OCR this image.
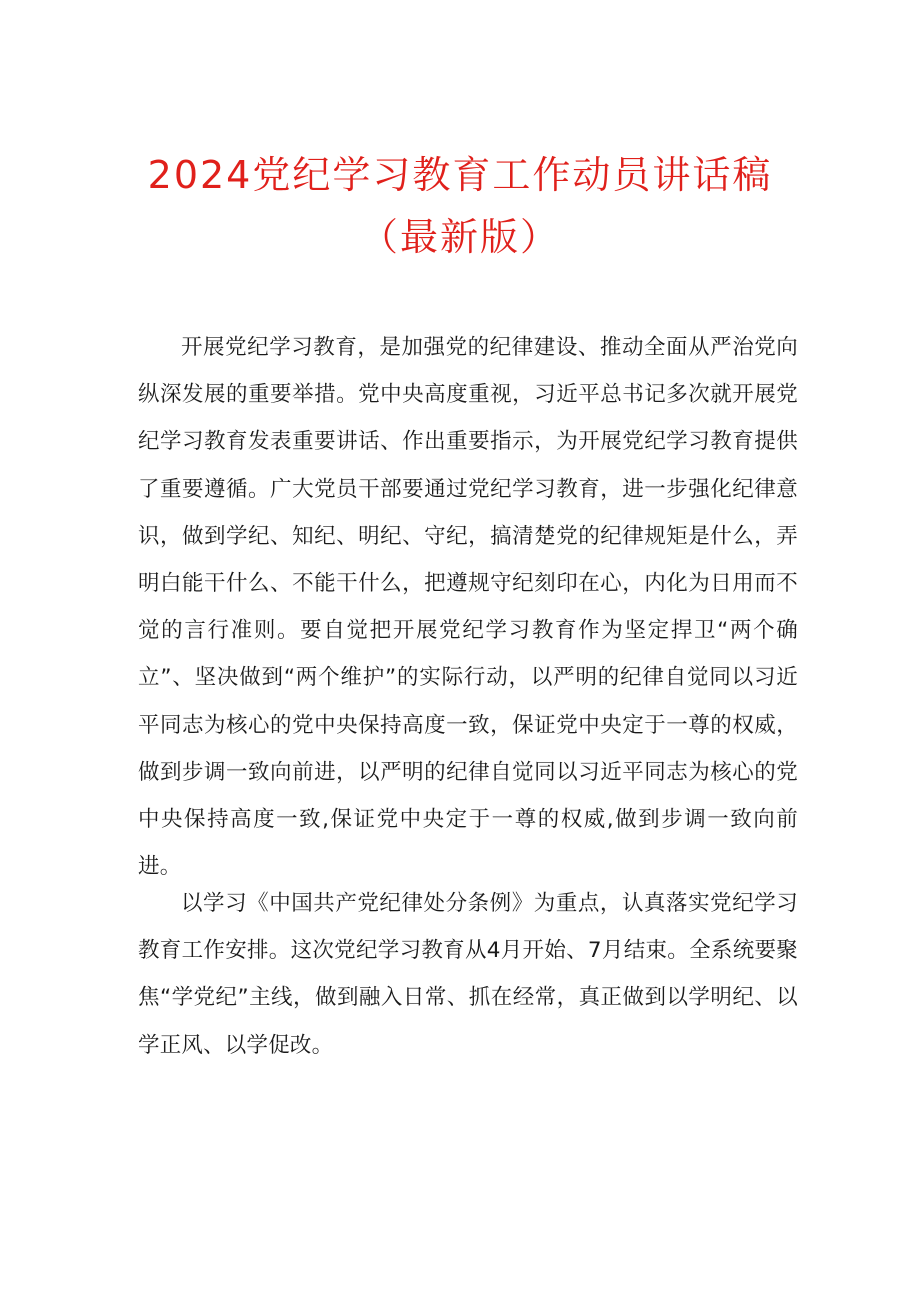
2024党纪学习教育工作动员讲话稿
（最新版）

开展党纪学习教育，是加强党的纪律建设、推动全面从严治党向纵深发展的重要举措。党中央高度重视，习近平总书记多次就开展党纪学习教育发表重要讲话、作出重要指示，为开展党纪学习教育提供了重要遵循。广大党员干部要通过党纪学习教育，进一步强化纪律意识，做到学纪、知纪、明纪、守纪，搞清楚党的纪律规矩是什么，弄明白能干什么、不能干什么，把遵规守纪刻印在心，内化为日用而不觉的言行准则。要自觉把开展党纪学习教育作为坚定捍卫“两个确立”、坚决做到“两个维护”的实际行动，以严明的纪律自觉同以习近平同志为核心的党中央保持高度一致，保证党中央定于一尊的权威，做到步调一致向前进，以严明的纪律自觉同以习近平同志为核心的党中央保持高度一致,保证党中央定于一尊的权威,做到步调一致向前进。

以学习《中国共产党纪律处分条例》为重点，认真落实党纪学习教育工作安排。这次党纪学习教育从4月开始、7月结束。全系统要聚焦“学党纪”主线，做到融入日常、抓在经常，真正做到以学明纪、以学正风、以学促改。
